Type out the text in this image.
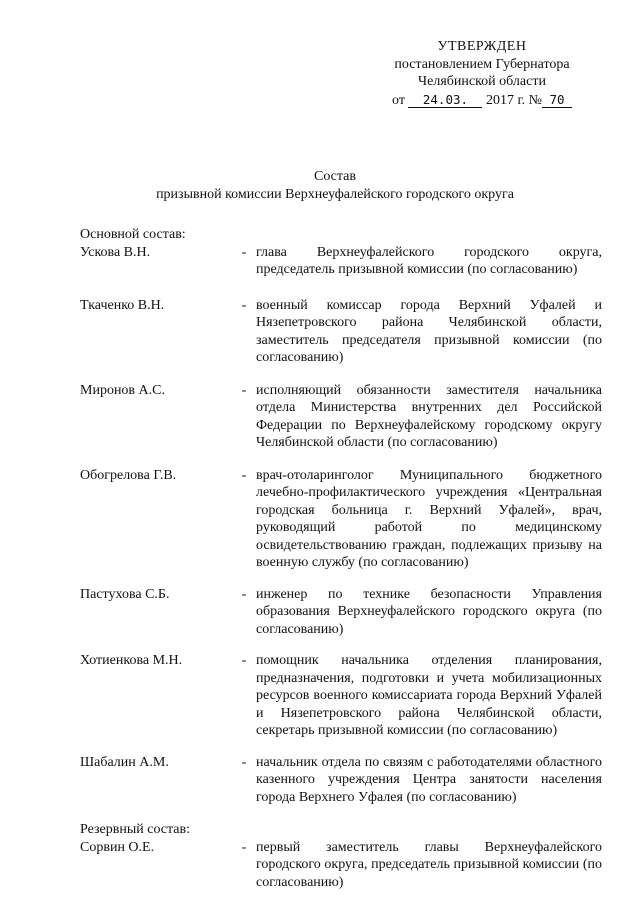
УТВЕРЖДЕН
постановлением Губернатора
Челябинской области
от 24.03. 2017 г. № 70
Состав
призывной комиссии Верхнеуфалейского городского округа
Основной состав:
Ускова В.Н.	- глава Верхнеуфалейского городского округа, председатель призывной комиссии (по согласованию)
Ткаченко В.Н.	- военный комиссар города Верхний Уфалей и Нязепетровского района Челябинской области, заместитель председателя призывной комиссии (по согласованию)
Миронов А.С.	- исполняющий обязанности заместителя начальника отдела Министерства внутренних дел Российской Федерации по Верхнеуфалейскому городскому округу Челябинской области (по согласованию)
Обогрелова Г.В.	- врач-отоларинголог Муниципального бюджетного лечебно-профилактического учреждения «Центральная городская больница г. Верхний Уфалей», врач, руководящий работой по медицинскому освидетельствованию граждан, подлежащих призыву на военную службу (по согласованию)
Пастухова С.Б.	- инженер по технике безопасности Управления образования Верхнеуфалейского городского округа (по согласованию)
Хотиенкова М.Н.	- помощник начальника отделения планирования, предназначения, подготовки и учета мобилизационных ресурсов военного комиссариата города Верхний Уфалей и Нязепетровского района Челябинской области, секретарь призывной комиссии (по согласованию)
Шабалин А.М.	- начальник отдела по связям с работодателями областного казенного учреждения Центра занятости населения города Верхнего Уфалея (по согласованию)
Резервный состав:
Сорвин О.Е.	- первый заместитель главы Верхнеуфалейского городского округа, председатель призывной комиссии (по согласованию)
